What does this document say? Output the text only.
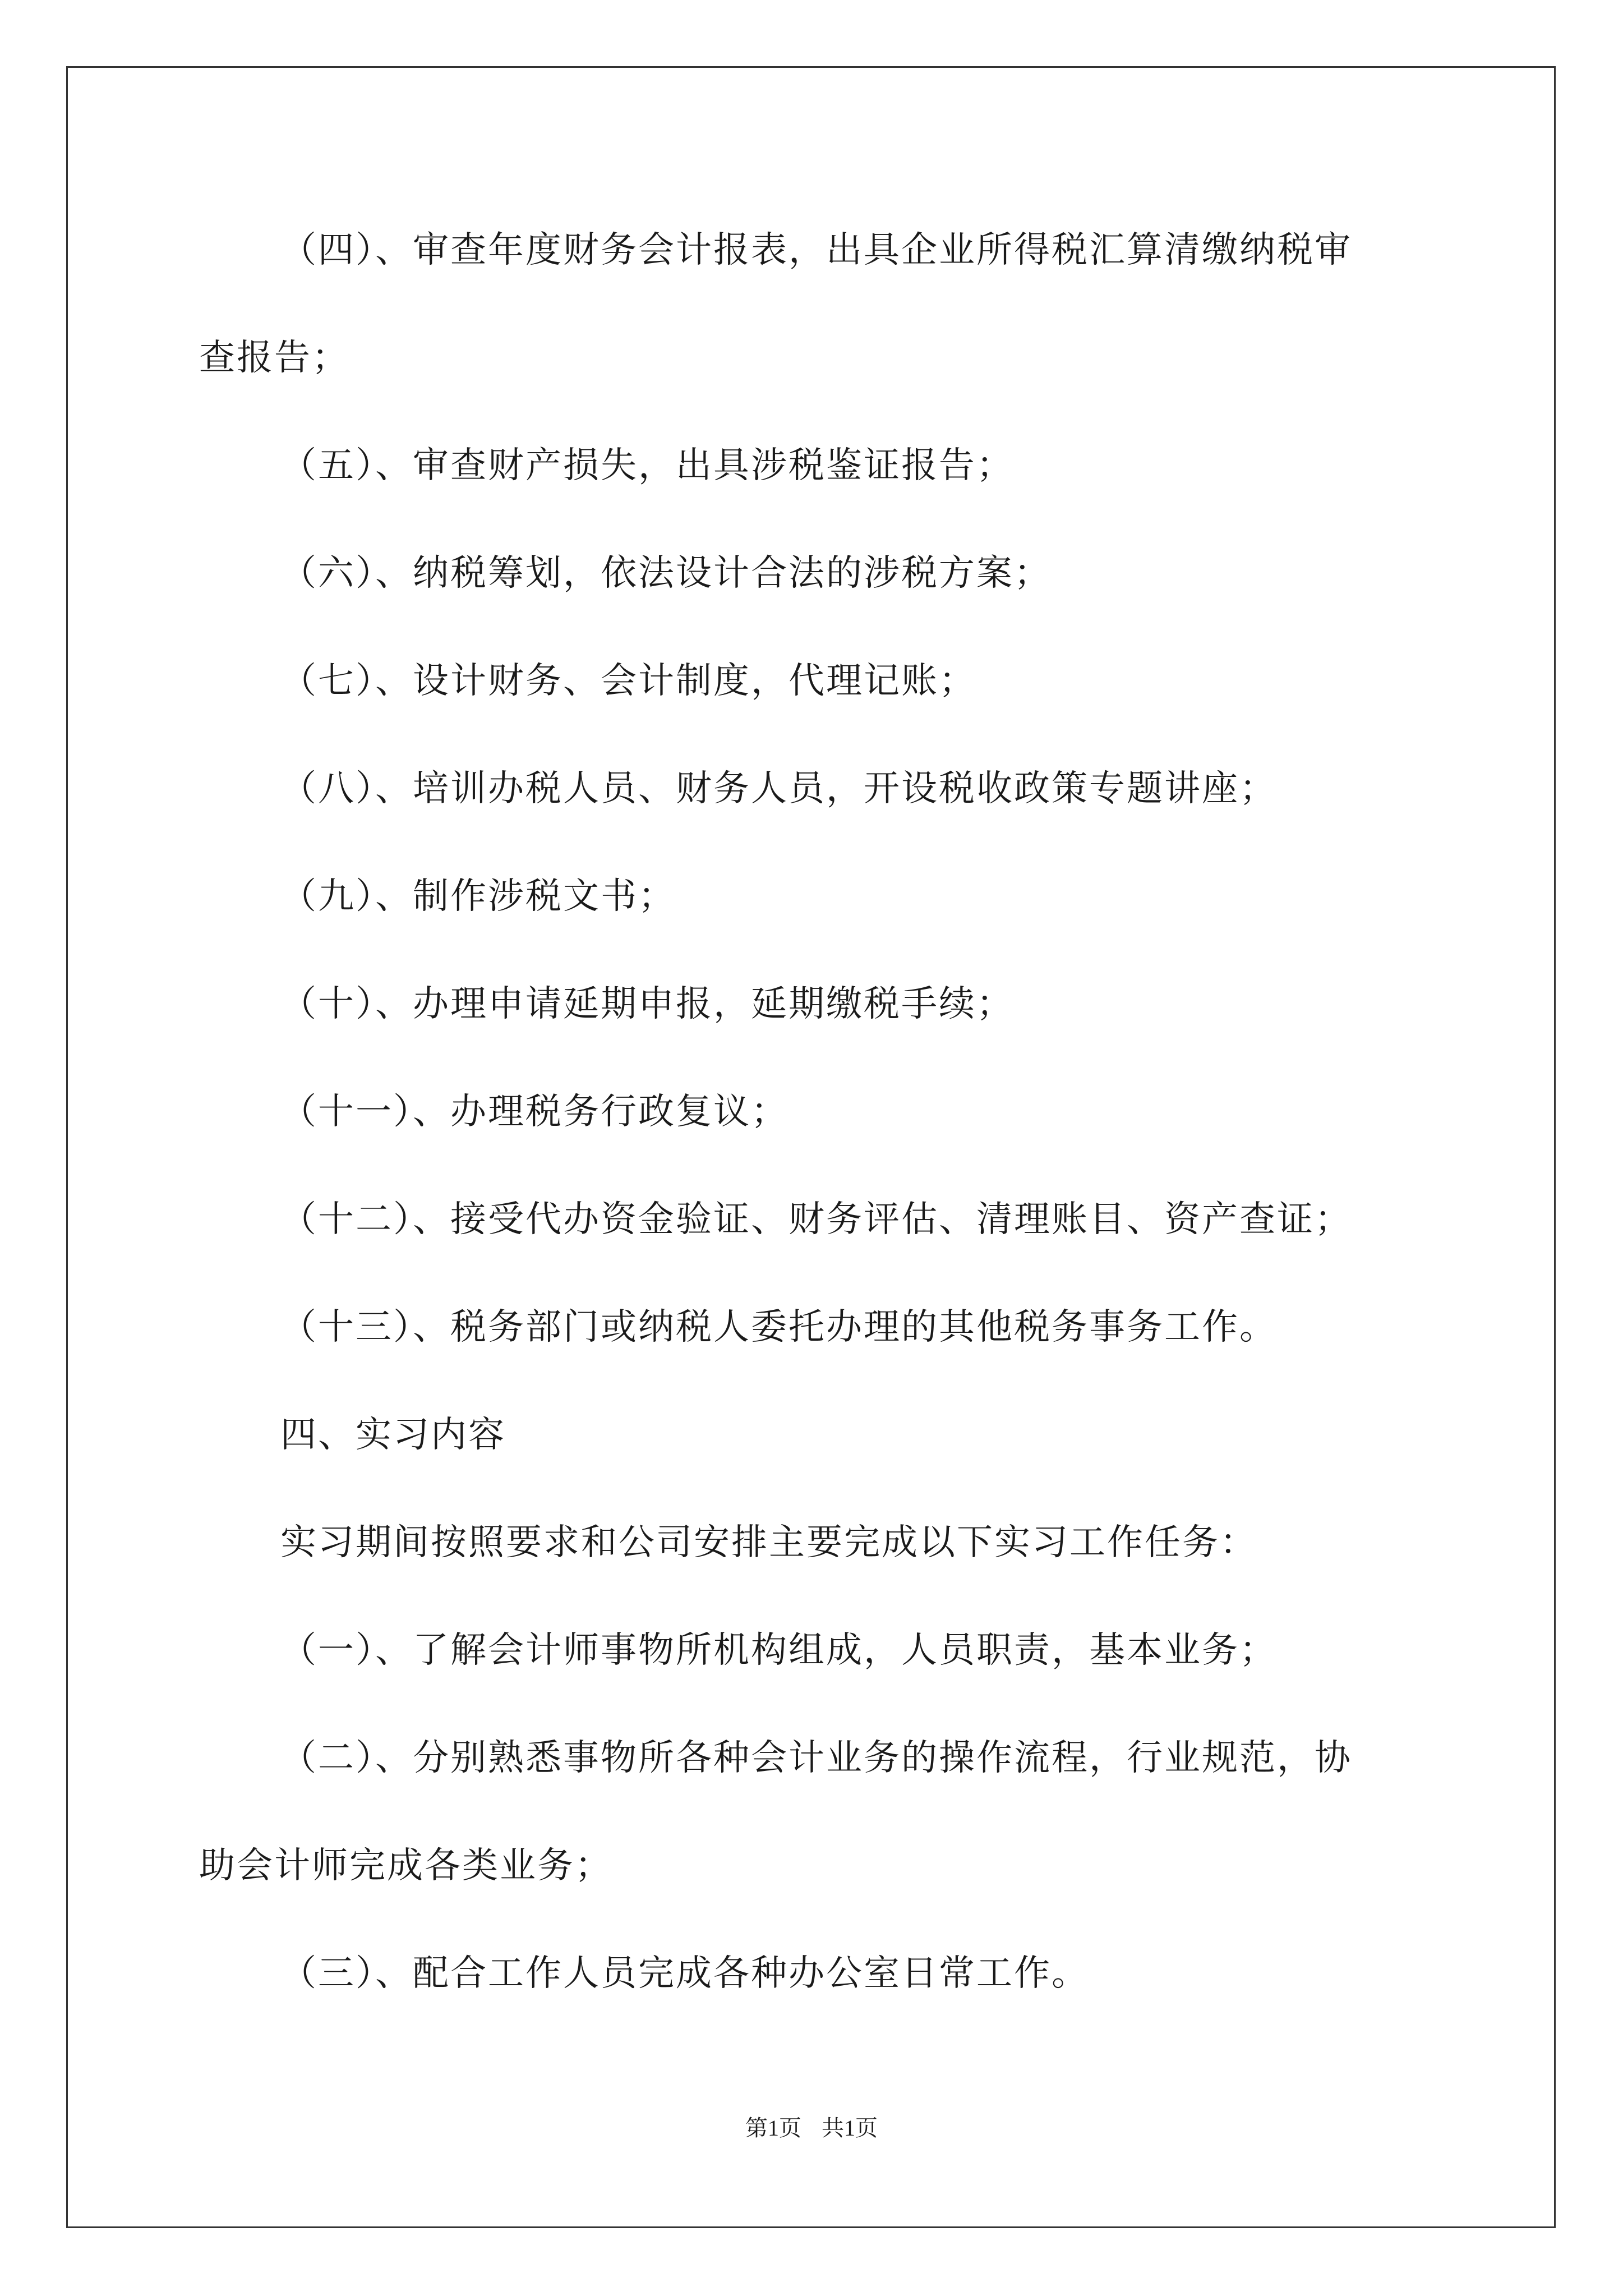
（四）、审查年度财务会计报表，出具企业所得税汇算清缴纳税审
查报告；
（五）、审查财产损失，出具涉税鉴证报告；
（六）、纳税筹划，依法设计合法的涉税方案；
（七）、设计财务、会计制度，代理记账；
（八）、培训办税人员、财务人员，开设税收政策专题讲座；
（九）、制作涉税文书；
（十）、办理申请延期申报，延期缴税手续；
（十一）、办理税务行政复议；
（十二）、接受代办资金验证、财务评估、清理账目、资产查证；
（十三）、税务部门或纳税人委托办理的其他税务事务工作。
四、实习内容
实习期间按照要求和公司安排主要完成以下实习工作任务：
（一）、了解会计师事物所机构组成，人员职责，基本业务；
（二）、分别熟悉事物所各种会计业务的操作流程，行业规范，协
助会计师完成各类业务；
（三）、配合工作人员完成各种办公室日常工作。
第1页 共1页
